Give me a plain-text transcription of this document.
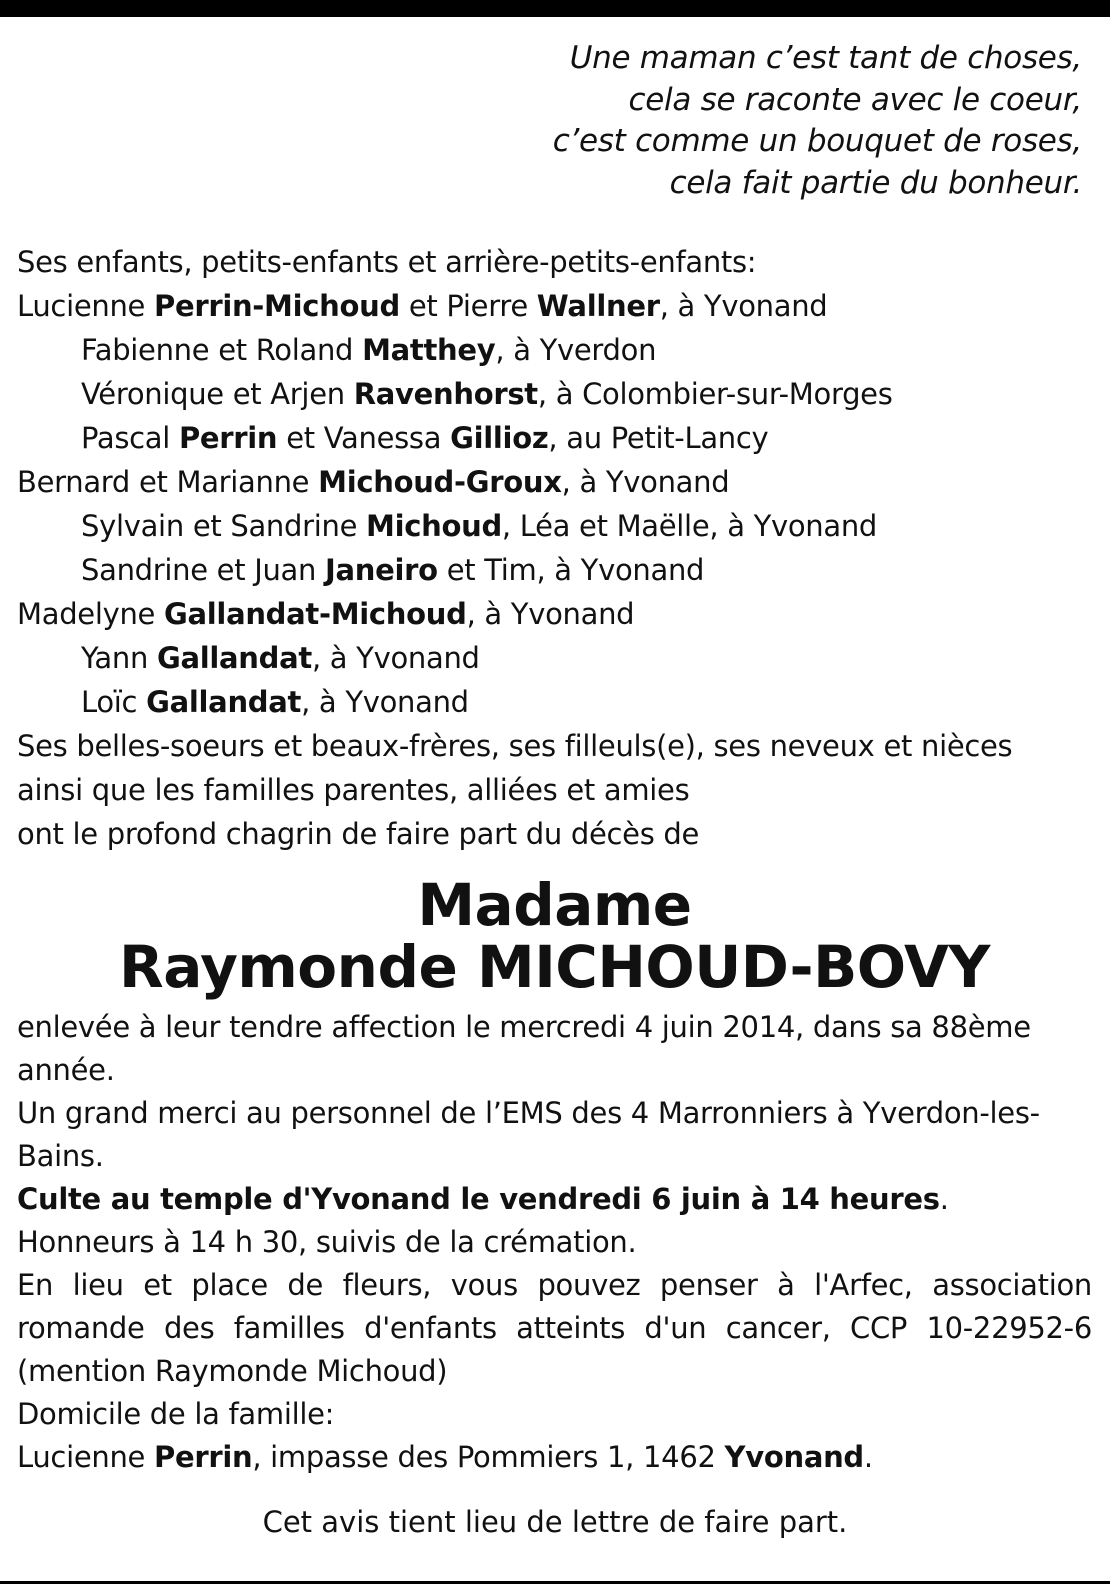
Une maman c’est tant de choses,
cela se raconte avec le coeur,
c’est comme un bouquet de roses,
cela fait partie du bonheur.
Ses enfants, petits-enfants et arrière-petits-enfants:
Lucienne Perrin-Michoud et Pierre Wallner, à Yvonand
Fabienne et Roland Matthey, à Yverdon
Véronique et Arjen Ravenhorst, à Colombier-sur-Morges
Pascal Perrin et Vanessa Gillioz, au Petit-Lancy
Bernard et Marianne Michoud-Groux, à Yvonand
Sylvain et Sandrine Michoud, Léa et Maëlle, à Yvonand
Sandrine et Juan Janeiro et Tim, à Yvonand
Madelyne Gallandat-Michoud, à Yvonand
Yann Gallandat, à Yvonand
Loïc Gallandat, à Yvonand
Ses belles-soeurs et beaux-frères, ses filleuls(e), ses neveux et nièces
ainsi que les familles parentes, alliées et amies
ont le profond chagrin de faire part du décès de
Madame
Raymonde MICHOUD-BOVY
enlevée à leur tendre affection le mercredi 4 juin 2014, dans sa 88ème année.
Un grand merci au personnel de l’EMS des 4 Marronniers à Yverdon-les-Bains.
Culte au temple d'Yvonand le vendredi 6 juin à 14 heures.
Honneurs à 14 h 30, suivis de la crémation.
En lieu et place de fleurs, vous pouvez penser à l'Arfec, association romande des familles d'enfants atteints d'un cancer, CCP 10-22952-6 (mention Raymonde Michoud)
Domicile de la famille:
Lucienne Perrin, impasse des Pommiers 1, 1462 Yvonand.
Cet avis tient lieu de lettre de faire part.
